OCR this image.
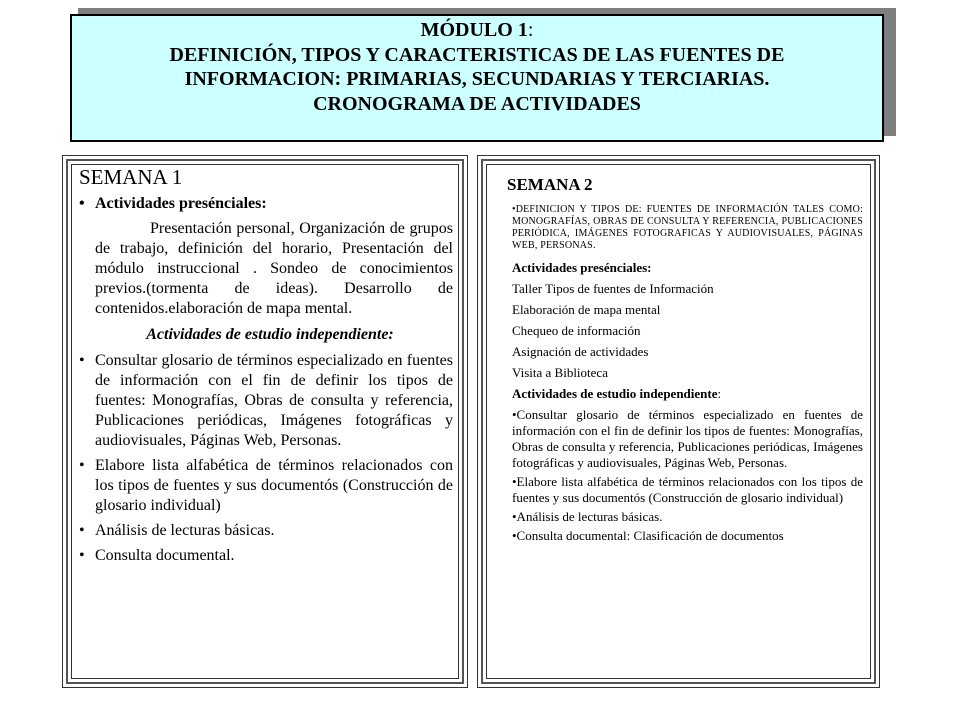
MÓDULO 1:
DEFINICIÓN, TIPOS Y CARACTERISTICAS DE LAS FUENTES DE
INFORMACION: PRIMARIAS, SECUNDARIAS Y TERCIARIAS.
CRONOGRAMA DE ACTIVIDADES
SEMANA 1
• Actividades presénciales:
Presentación personal, Organización de grupos de trabajo, definición del horario, Presentación del módulo instruccional . Sondeo de conocimientos previos.(tormenta de ideas). Desarrollo de contenidos.elaboración de mapa mental.
Actividades de estudio independiente:
• Consultar glosario de términos especializado en fuentes de información con el fin de definir los tipos de fuentes: Monografías, Obras de consulta y referencia, Publicaciones periódicas, Imágenes fotográficas y audiovisuales, Páginas Web, Personas.
• Elabore lista alfabética de términos relacionados con los tipos de fuentes y sus documentós (Construcción de glosario individual)
• Análisis de lecturas básicas.
• Consulta documental.
SEMANA 2
•DEFINICION Y TIPOS DE: FUENTES DE INFORMACIÓN TALES COMO: MONOGRAFÍAS, OBRAS DE CONSULTA Y REFERENCIA, PUBLICACIONES PERIÓDICA, IMÁGENES FOTOGRAFICAS Y AUDIOVISUALES, PÁGINAS WEB, PERSONAS.
Actividades presénciales:
Taller Tipos de fuentes de Información
Elaboración de mapa mental
Chequeo de información
Asignación de actividades
Visita a Biblioteca
Actividades de estudio independiente:
•Consultar glosario de términos especializado en fuentes de información con el fin de definir los tipos de fuentes: Monografías, Obras de consulta y referencia, Publicaciones periódicas, Imágenes fotográficas y audiovisuales, Páginas Web, Personas.
•Elabore lista alfabética de términos relacionados con los tipos de fuentes y sus documentós (Construcción de glosario individual)
•Análisis de lecturas básicas.
•Consulta documental: Clasificación de documentos
